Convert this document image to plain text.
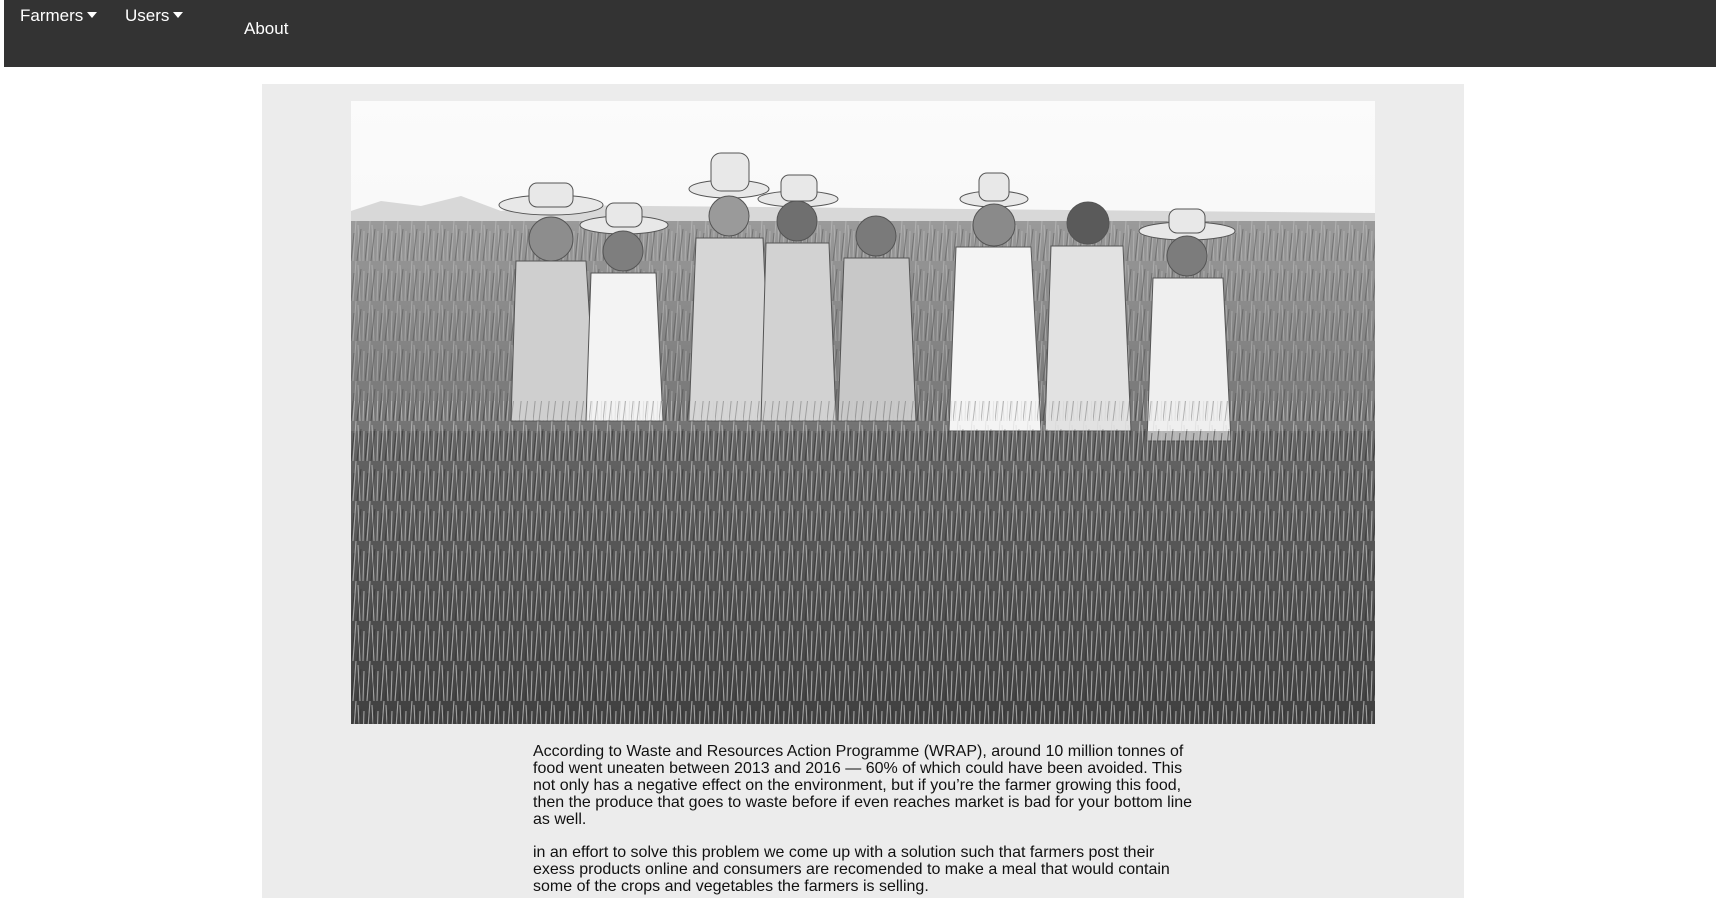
Farmers	Users
About

According to Waste and Resources Action Programme (WRAP), around 10 million tonnes of food went uneaten between 2013 and 2016 — 60% of which could have been avoided. This not only has a negative effect on the environment, but if you’re the farmer growing this food, then the produce that goes to waste before if even reaches market is bad for your bottom line as well.

in an effort to solve this problem we come up with a solution such that farmers post their exess products online and consumers are recomended to make a meal that would contain some of the crops and vegetables the farmers is selling.
